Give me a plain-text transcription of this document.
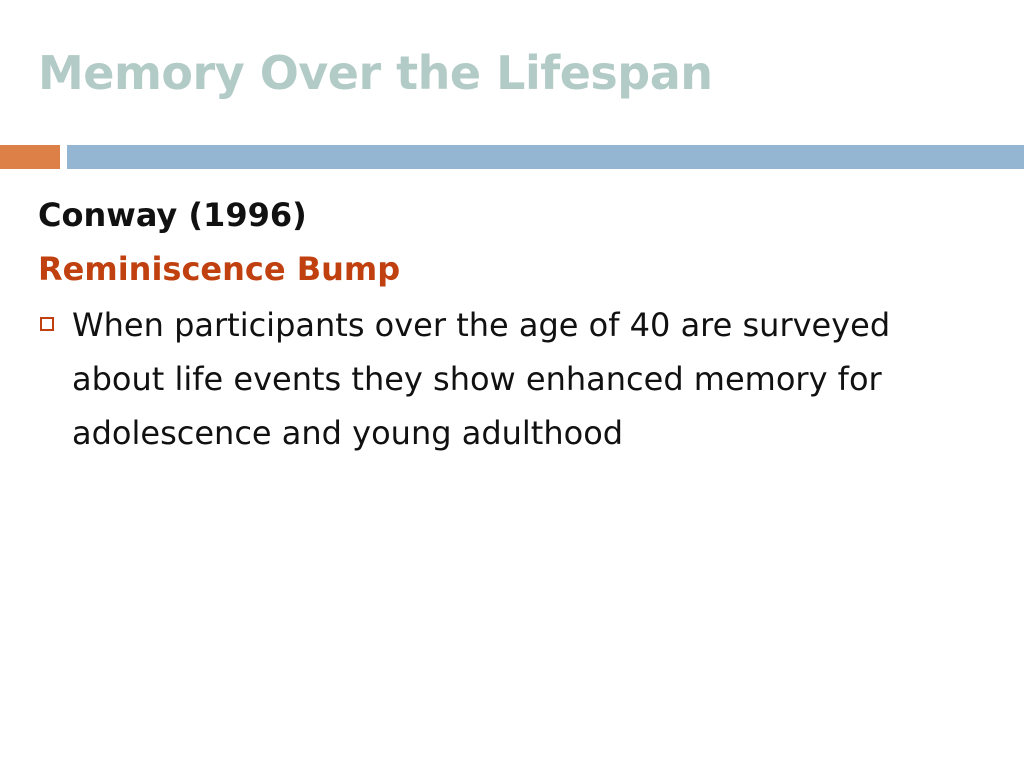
Memory Over the Lifespan
Conway (1996)
Reminiscence Bump
When participants over the age of 40 are surveyed about life events they show enhanced memory for adolescence and young adulthood
